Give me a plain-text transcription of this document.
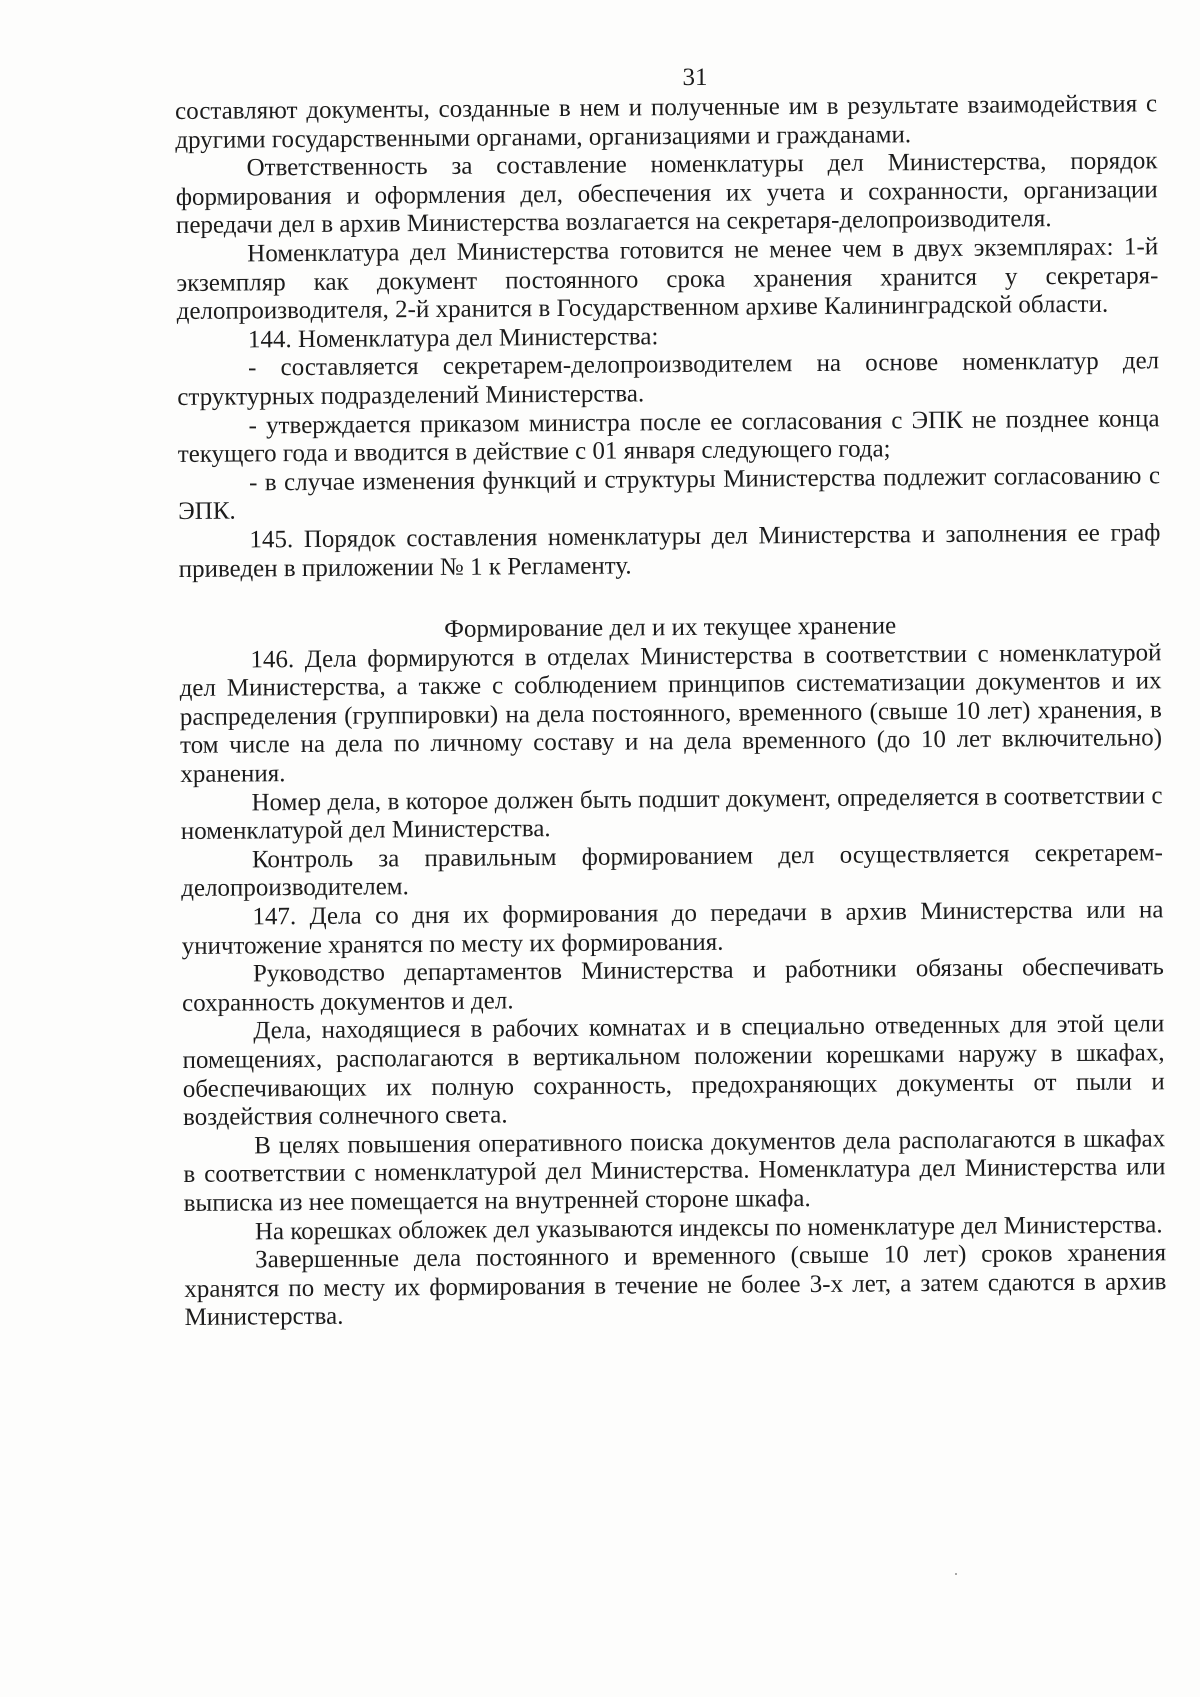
31

составляют документы, созданные в нем и полученные им в результате взаимодействия с другими государственными органами, организациями и гражданами.

Ответственность за составление номенклатуры дел Министерства, порядок формирования и оформления дел, обеспечения их учета и сохранности, организации передачи дел в архив Министерства возлагается на секретаря-делопроизводителя.

Номенклатура дел Министерства готовится не менее чем в двух экземплярах: 1-й экземпляр как документ постоянного срока хранения хранится у секретаря-делопроизводителя, 2-й хранится в Государственном архиве Калининградской области.

144. Номенклатура дел Министерства:

- составляется секретарем-делопроизводителем на основе номенклатур дел структурных подразделений Министерства.

- утверждается приказом министра после ее согласования с ЭПК не позднее конца текущего года и вводится в действие с 01 января следующего года;

- в случае изменения функций и структуры Министерства подлежит согласованию с ЭПК.

145. Порядок составления номенклатуры дел Министерства и заполнения ее граф приведен в приложении № 1 к Регламенту.

Формирование дел и их текущее хранение

146. Дела формируются в отделах Министерства в соответствии с номенклатурой дел Министерства, а также с соблюдением принципов систематизации документов и их распределения (группировки) на дела постоянного, временного (свыше 10 лет) хранения, в том числе на дела по личному составу и на дела временного (до 10 лет включительно) хранения.

Номер дела, в которое должен быть подшит документ, определяется в соответствии с номенклатурой дел Министерства.

Контроль за правильным формированием дел осуществляется секретарем-делопроизводителем.

147. Дела со дня их формирования до передачи в архив Министерства или на уничтожение хранятся по месту их формирования.

Руководство департаментов Министерства и работники обязаны обеспечивать сохранность документов и дел.

Дела, находящиеся в рабочих комнатах и в специально отведенных для этой цели помещениях, располагаются в вертикальном положении корешками наружу в шкафах, обеспечивающих их полную сохранность, предохраняющих документы от пыли и воздействия солнечного света.

В целях повышения оперативного поиска документов дела располагаются в шкафах в соответствии с номенклатурой дел Министерства. Номенклатура дел Министерства или выписка из нее помещается на внутренней стороне шкафа.

На корешках обложек дел указываются индексы по номенклатуре дел Министерства.

Завершенные дела постоянного и временного (свыше 10 лет) сроков хранения хранятся по месту их формирования в течение не более 3-х лет, а затем сдаются в архив Министерства.
